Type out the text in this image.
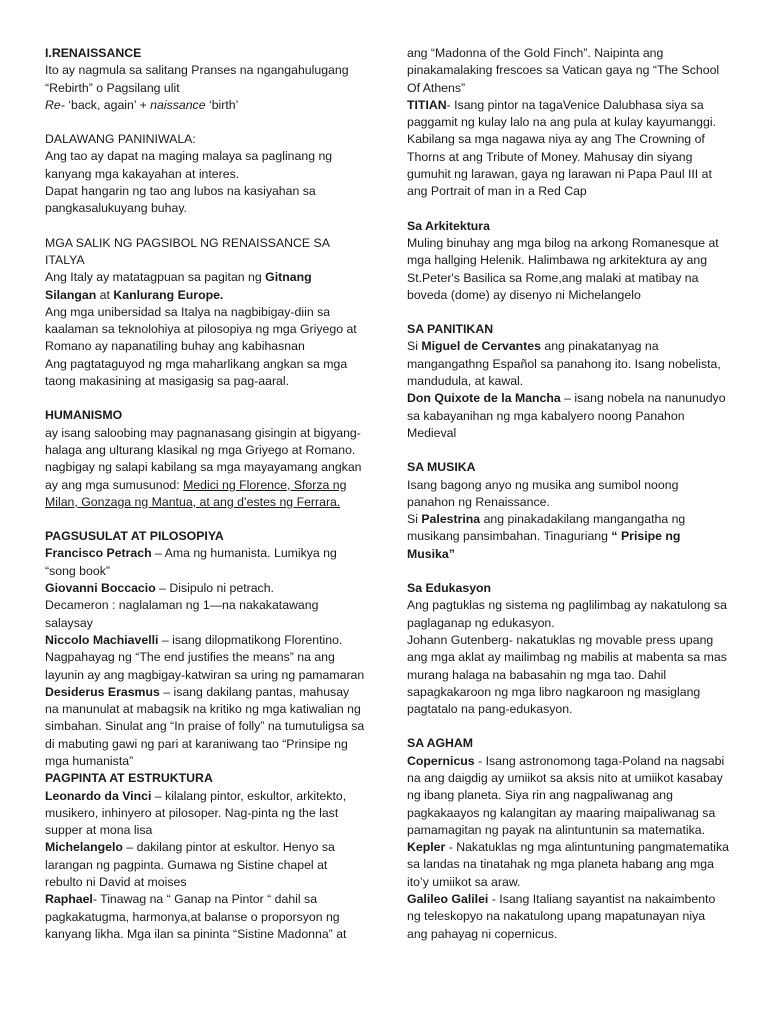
I.RENAISSANCE

Ito ay nagmula sa salitang Pranses na ngangahulugang “Rebirth” o Pagsilang ulit

Re- ‘back, again’ + naissance ‘birth’

DALAWANG PANINIWALA:

Ang tao ay dapat na maging malaya sa paglinang ng kanyang mga kakayahan at interes.

Dapat hangarin ng tao ang lubos na kasiyahan sa pangkasalukuyang buhay.

MGA SALIK NG PAGSIBOL NG RENAISSANCE SA ITALYA

Ang Italy ay matatagpuan sa pagitan ng Gitnang Silangan at Kanlurang Europe.

Ang mga unibersidad sa Italya na nagbibigay-diin sa kaalaman sa teknolohiya at pilosopiya ng mga Griyego at Romano ay napanatiling buhay ang kabihasnan

Ang pagtataguyod ng mga maharlikang angkan sa mga taong makasining at masigasig sa pag-aaral.

HUMANISMO

ay isang saloobing may pagnanasang gisingin at bigyang-halaga ang ulturang klasikal ng mga Griyego at Romano. nagbigay ng salapi kabilang sa mga mayayamang angkan ay ang mga sumusunod: Medici ng Florence, Sforza ng Milan, Gonzaga ng Mantua, at ang d’estes ng Ferrara.

PAGSUSULAT AT PILOSOPIYA

Francisco Petrach – Ama ng humanista. Lumikya ng “song book”

Giovanni Boccacio – Disipulo ni petrach.

Decameron : naglalaman ng 1—na nakakatawang salaysay

Niccolo Machiavelli – isang dilopmatikong Florentino. Nagpahayag ng “The end justifies the means” na ang layunin ay ang magbigay-katwiran sa uring ng pamamaran

Desiderus Erasmus – isang dakilang pantas, mahusay na manunulat at mabagsik na kritiko ng mga katiwalian ng simbahan. Sinulat ang “In praise of folly” na tumutuligsa sa di mabuting gawi ng pari at karaniwang tao “Prinsipe ng mga humanista”

PAGPINTA AT ESTRUKTURA

Leonardo da Vinci – kilalang pintor, eskultor, arkitekto, musikero, inhinyero at pilosoper. Nag-pinta ng the last supper at mona lisa

Michelangelo – dakilang pintor at eskultor. Henyo sa larangan ng pagpinta. Gumawa ng Sistine chapel at rebulto ni David at moises

Raphael- Tinawag na “ Ganap na Pintor “ dahil sa pagkakatugma, harmonya,at balanse o proporsyon ng kanyang likha. Mga ilan sa pinintа “Sistine Madonna” at

ang “Madonna of the Gold Finch”. Naipinta ang pinakamalaking frescoes sa Vatican gaya ng “The School Of Athens”

TITIAN- Isang pintor na tagaVenice Dalubhasa siya sa paggamit ng kulay lalo na ang pula at kulay kayumanggi. Kabilang sa mga nagawa niya ay ang The Crowning of Thorns at ang Tribute of Money. Mahusay din siyang gumuhit ng larawan, gaya ng larawan ni Papa Paul III at ang Portrait of man in a Red Cap

Sa Arkitektura

Muling binuhay ang mga bilog na arkong Romanesque at mga hallging Helenik. Halimbawa ng arkitektura ay ang St.Peter's Basilica sa Rome,ang malaki at matibay na boveda (dome) ay disenyo ni Michelangelo

SA PANITIKAN

Si Miguel de Cervantes ang pinakatanyag na mangangathng Español sa panahong ito. Isang nobelista, mandudula, at kawal.

Don Quixote de la Mancha – isang nobela na nanunudyo sa kabayanihan ng mga kabalyero noong Panahon Medieval

SA MUSIKA

Isang bagong anyo ng musika ang sumibol noong panahon ng Renaissance.

Si Palestrina ang pinakadakilang mangangatha ng musikang pansimbahan. Tinaguriang “ Prisipe ng Musika”

Sa Edukasyon

Ang pagtuklas ng sistema ng paglilimbag ay nakatulong sa paglaganap ng edukasyon.

Johann Gutenberg- nakatuklas ng movable press upang ang mga aklat ay mailimbag ng mabilis at mabenta sa mas murang halaga na babasahin ng mga tao. Dahil sapagkakaroon ng mga libro nagkaroon ng masiglang pagtatalo na pang-edukasyon.

SA AGHAM

Copernicus - Isang astronomong taga-Poland na nagsabi na ang daigdig ay umiikot sa aksis nito at umiikot kasabay ng ibang planeta. Siya rin ang nagpaliwanag ang pagkakaayos ng kalangitan ay maaring maipaliwanag sa pamamagitan ng payak na alintuntunin sa matematika.

Kepler - Nakatuklas ng mga alintuntuning pangmatematika sa landas na tinatahak ng mga planeta habang ang mga ito’y umiikot sa araw.

Galileo Galilei - Isang Italiang sayantist na nakaimbento ng teleskopyo na nakatulong upang mapatunayan niya ang pahayag ni copernicus.
